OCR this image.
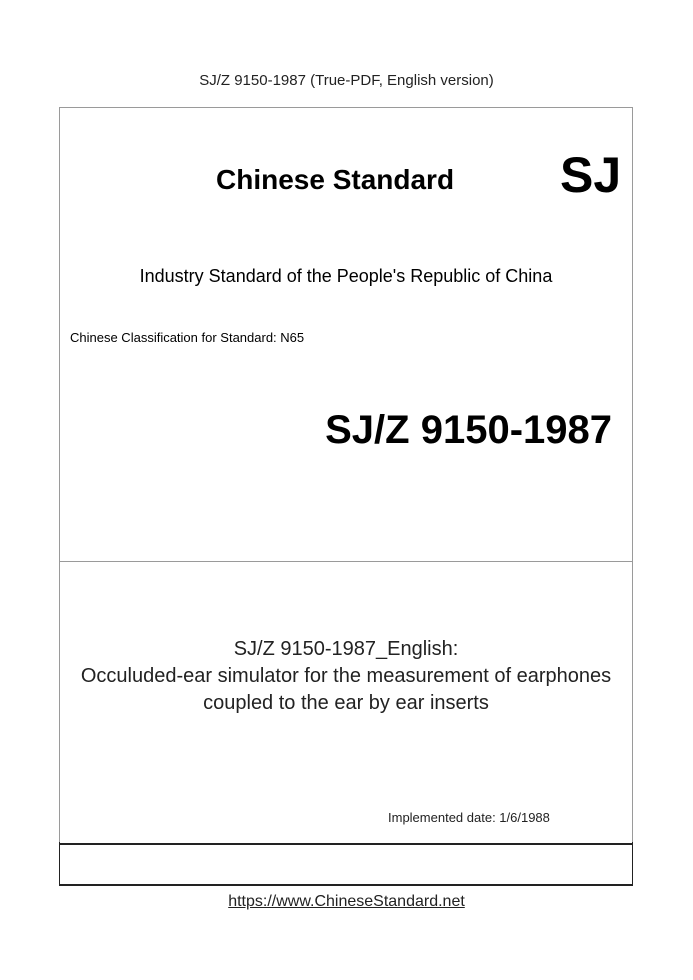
SJ/Z 9150-1987 (True-PDF, English version)
Chinese Standard SJ
Industry Standard of the People's Republic of China
Chinese Classification for Standard: N65
SJ/Z 9150-1987
SJ/Z 9150-1987_English:
Occuluded-ear simulator for the measurement of earphones
coupled to the ear by ear inserts
Implemented date: 1/6/1988
https://www.ChineseStandard.net
